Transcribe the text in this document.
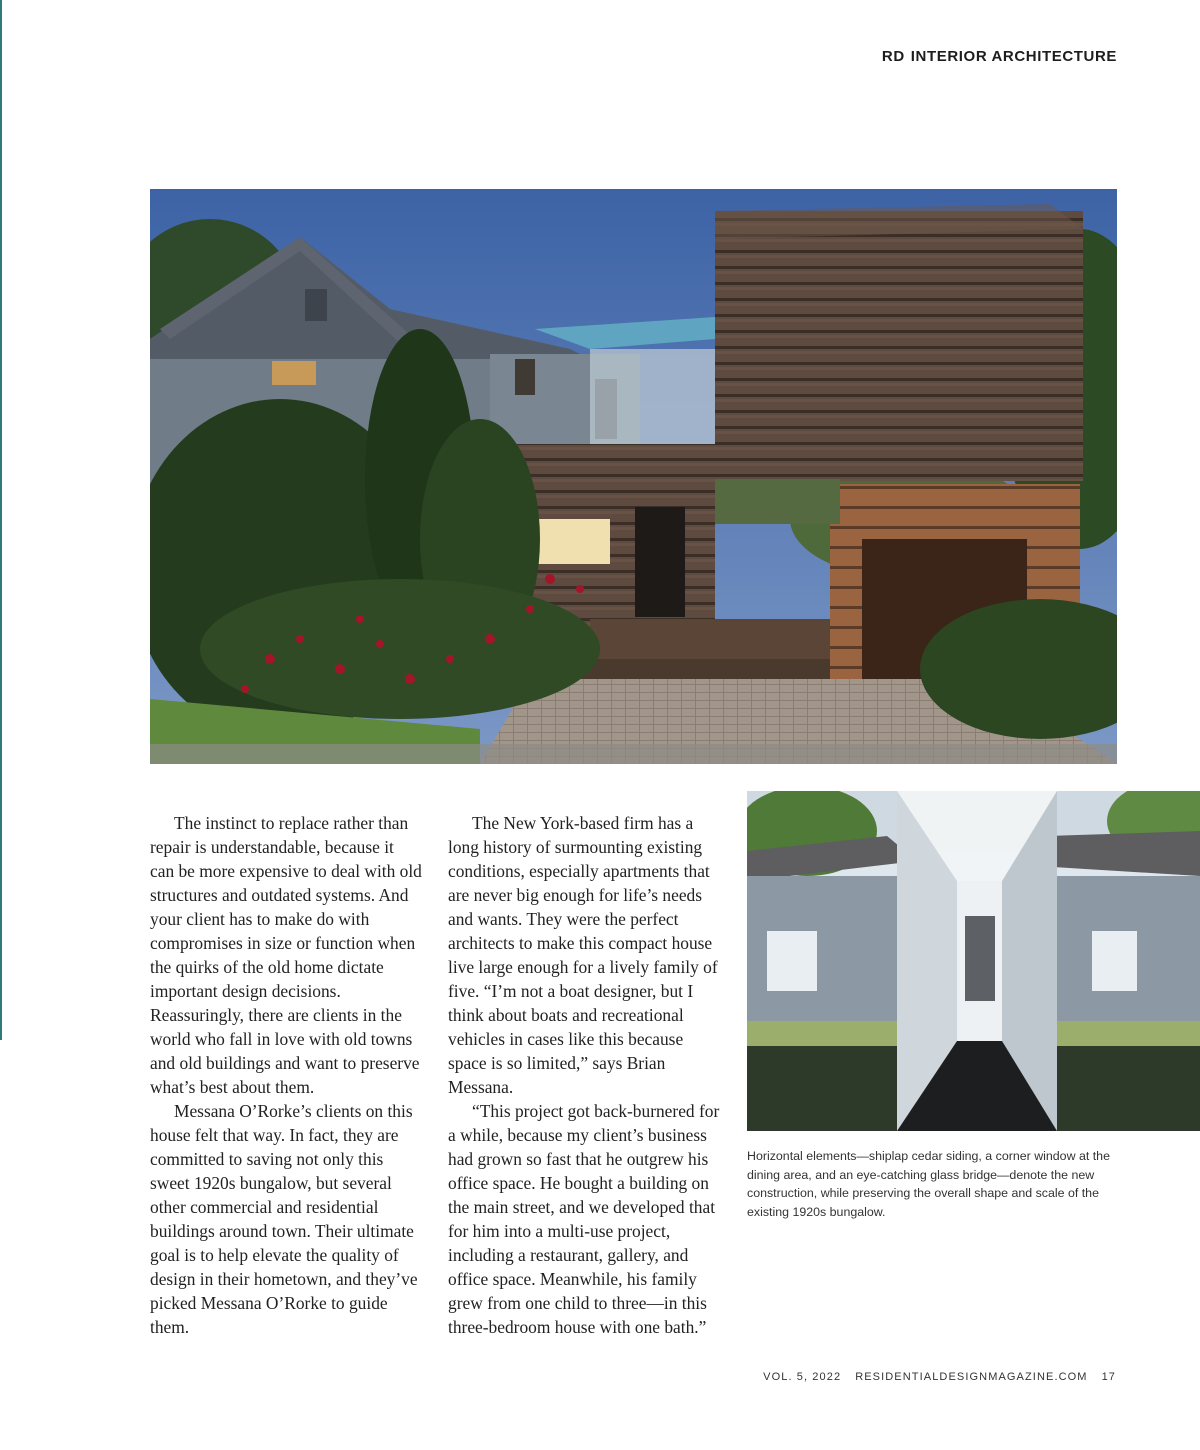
RD INTERIOR ARCHITECTURE

The instinct to replace rather than repair is understandable, because it can be more expensive to deal with old structures and outdated systems. And your client has to make do with compromises in size or function when the quirks of the old home dictate important design decisions. Reassuringly, there are clients in the world who fall in love with old towns and old buildings and want to preserve what’s best about them.

Messana O’Rorke’s clients on this house felt that way. In fact, they are committed to saving not only this sweet 1920s bungalow, but several other commercial and residential buildings around town. Their ultimate goal is to help elevate the quality of design in their hometown, and they’ve picked Messana O’Rorke to guide them.

The New York-based firm has a long history of surmounting existing conditions, especially apartments that are never big enough for life’s needs and wants. They were the perfect architects to make this compact house live large enough for a lively family of five. “I’m not a boat designer, but I think about boats and recreational vehicles in cases like this because space is so limited,” says Brian Messana.

“This project got back-burnered for a while, because my client’s business had grown so fast that he outgrew his office space. He bought a building on the main street, and we developed that for him into a multi-use project, including a restaurant, gallery, and office space. Meanwhile, his family grew from one child to three—in this three-bedroom house with one bath.”

Horizontal elements—shiplap cedar siding, a corner window at the dining area, and an eye-catching glass bridge—denote the new construction, while preserving the overall shape and scale of the existing 1920s bungalow.
VOL. 5, 2022 RESIDENTIALDESIGNMAGAZINE.COM 17
